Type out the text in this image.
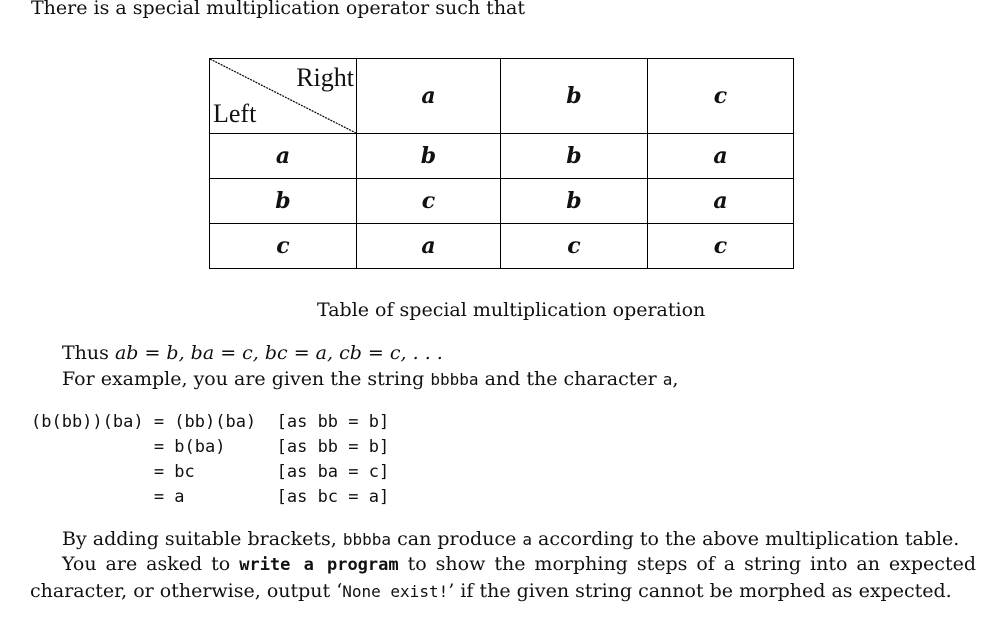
There is a special multiplication operator such that
Right
Left	a	b	c
a	b	b	a
b	c	b	a
c	a	c	c
Table of special multiplication operation
Thus ab = b, ba = c, bc = a, cb = c, . . .
For example, you are given the string bbbba and the character a,
(b(bb))(ba) = (bb)(ba)  [as bb = b]
= b(ba)     [as bb = b]
= bc        [as ba = c]
= a         [as bc = a]
By adding suitable brackets, bbbba can produce a according to the above multiplication table.
You are asked to write a program to show the morphing steps of a string into an expected character, or otherwise, output ‘None exist!’ if the given string cannot be morphed as expected.
